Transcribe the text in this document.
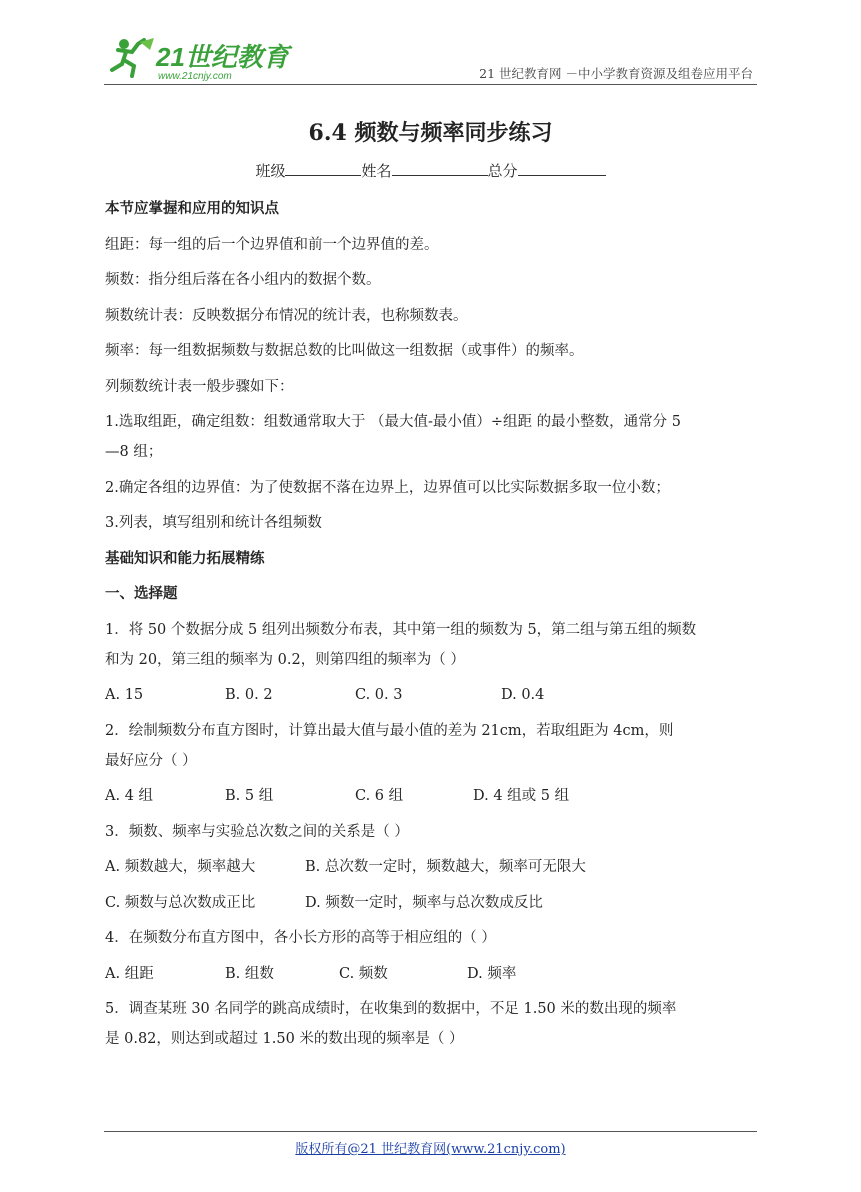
21世纪教育
www.21cnjy.com	21 世纪教育网 －中小学教育资源及组卷应用平台
6.4 频数与频率同步练习
班级	姓名	总分
本节应掌握和应用的知识点
组距：每一组的后一个边界值和前一个边界值的差。
频数：指分组后落在各小组内的数据个数。
频数统计表：反映数据分布情况的统计表，也称频数表。
频率：每一组数据频数与数据总数的比叫做这一组数据（或事件）的频率。
列频数统计表一般步骤如下：
1.选取组距，确定组数：组数通常取大于 （最大值-最小值）÷组距 的最小整数，通常分 5
—8 组；
2.确定各组的边界值：为了使数据不落在边界上，边界值可以比实际数据多取一位小数；
3.列表，填写组别和统计各组频数
基础知识和能力拓展精练
一、选择题
1．将 50 个数据分成 5 组列出频数分布表，其中第一组的频数为 5，第二组与第五组的频数
和为 20，第三组的频率为 0.2，则第四组的频率为（ ）
A. 15	B. 0. 2	C. 0. 3	D. 0.4
2．绘制频数分布直方图时，计算出最大值与最小值的差为 21cm，若取组距为 4cm，则
最好应分（ ）
A. 4 组	B. 5 组	C. 6 组	D. 4 组或 5 组
3．频数、频率与实验总次数之间的关系是（ ）
A. 频数越大，频率越大	B. 总次数一定时，频数越大，频率可无限大
C. 频数与总次数成正比	D. 频数一定时，频率与总次数成反比
4．在频数分布直方图中，各小长方形的高等于相应组的（ ）
A. 组距	B. 组数	C. 频数	D. 频率
5．调查某班 30 名同学的跳高成绩时，在收集到的数据中，不足 1.50 米的数出现的频率
是 0.82，则达到或超过 1.50 米的数出现的频率是（ ）
版权所有@21 世纪教育网(www.21cnjy.com)
